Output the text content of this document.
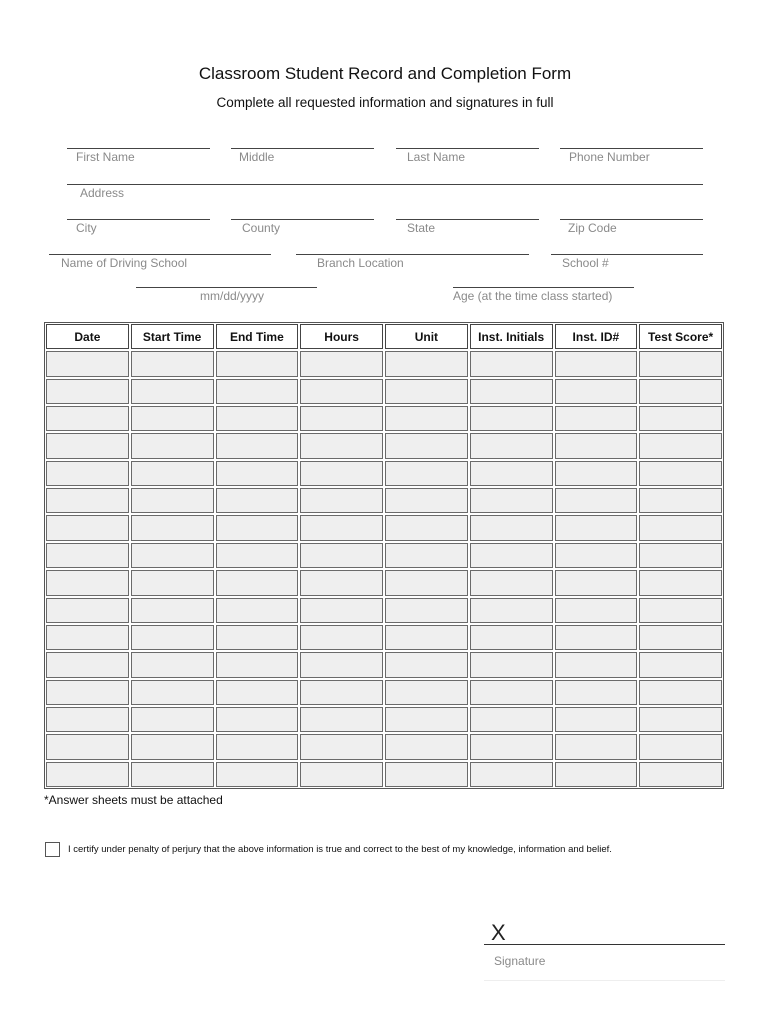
Classroom Student Record and Completion Form
Complete all requested information and signatures in full
First Name	Middle	Last Name	Phone Number
Address
City	County	State	Zip Code
Name of Driving School	Branch Location	School #
mm/dd/yyyy	Age (at the time class started)
Date	Start Time	End Time	Hours	Unit	Inst. Initials	Inst. ID#	Test Score*
*Answer sheets must be attached
I certify under penalty of perjury that the above information is true and correct to the best of my knowledge, information and belief.
X
Signature
